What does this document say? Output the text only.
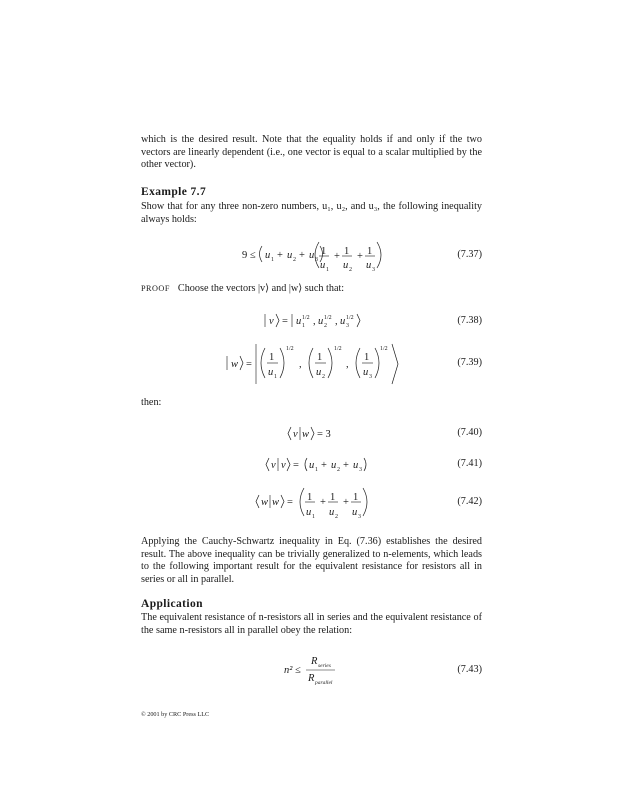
which is the desired result. Note that the equality holds if and only if the two vectors are linearly dependent (i.e., one vector is equal to a scalar multiplied by the other vector).

Example 7.7

Show that for any three non-zero numbers, u₁, u₂, and u₃, the following inequality always holds:

9 ≤ u 1 + u 2 + u 3
1
u 1
+ 1
u 2
+ 1
u 3
(7.37)
PROOF Choose the vectors |v⟩ and |w⟩ such that:
v = u 1
1/2 , u 2
1/2 , u 3
1/2	(7.38)
w =
1
u 1
1/2
,
1
u 2
1/2
,
1
u 3
1/2
(7.39)

then:

v w = 3	(7.40)
v v = u 1 + u 2 + u 3
(7.41)
w w = 1
u 1
+ 1
u 2
+ 1
u 3
(7.42)

Applying the Cauchy-Schwartz inequality in Eq. (7.36) establishes the desired result. The above inequality can be trivially generalized to n-elements, which leads to the following important result for the equivalent resistance for resistors all in series or all in parallel.

Application

The equivalent resistance of n-resistors all in series and the equivalent resistance of the same n-resistors all in parallel obey the relation:

n² ≤
R series
R parallel
(7.43)
© 2001 by CRC Press LLC
